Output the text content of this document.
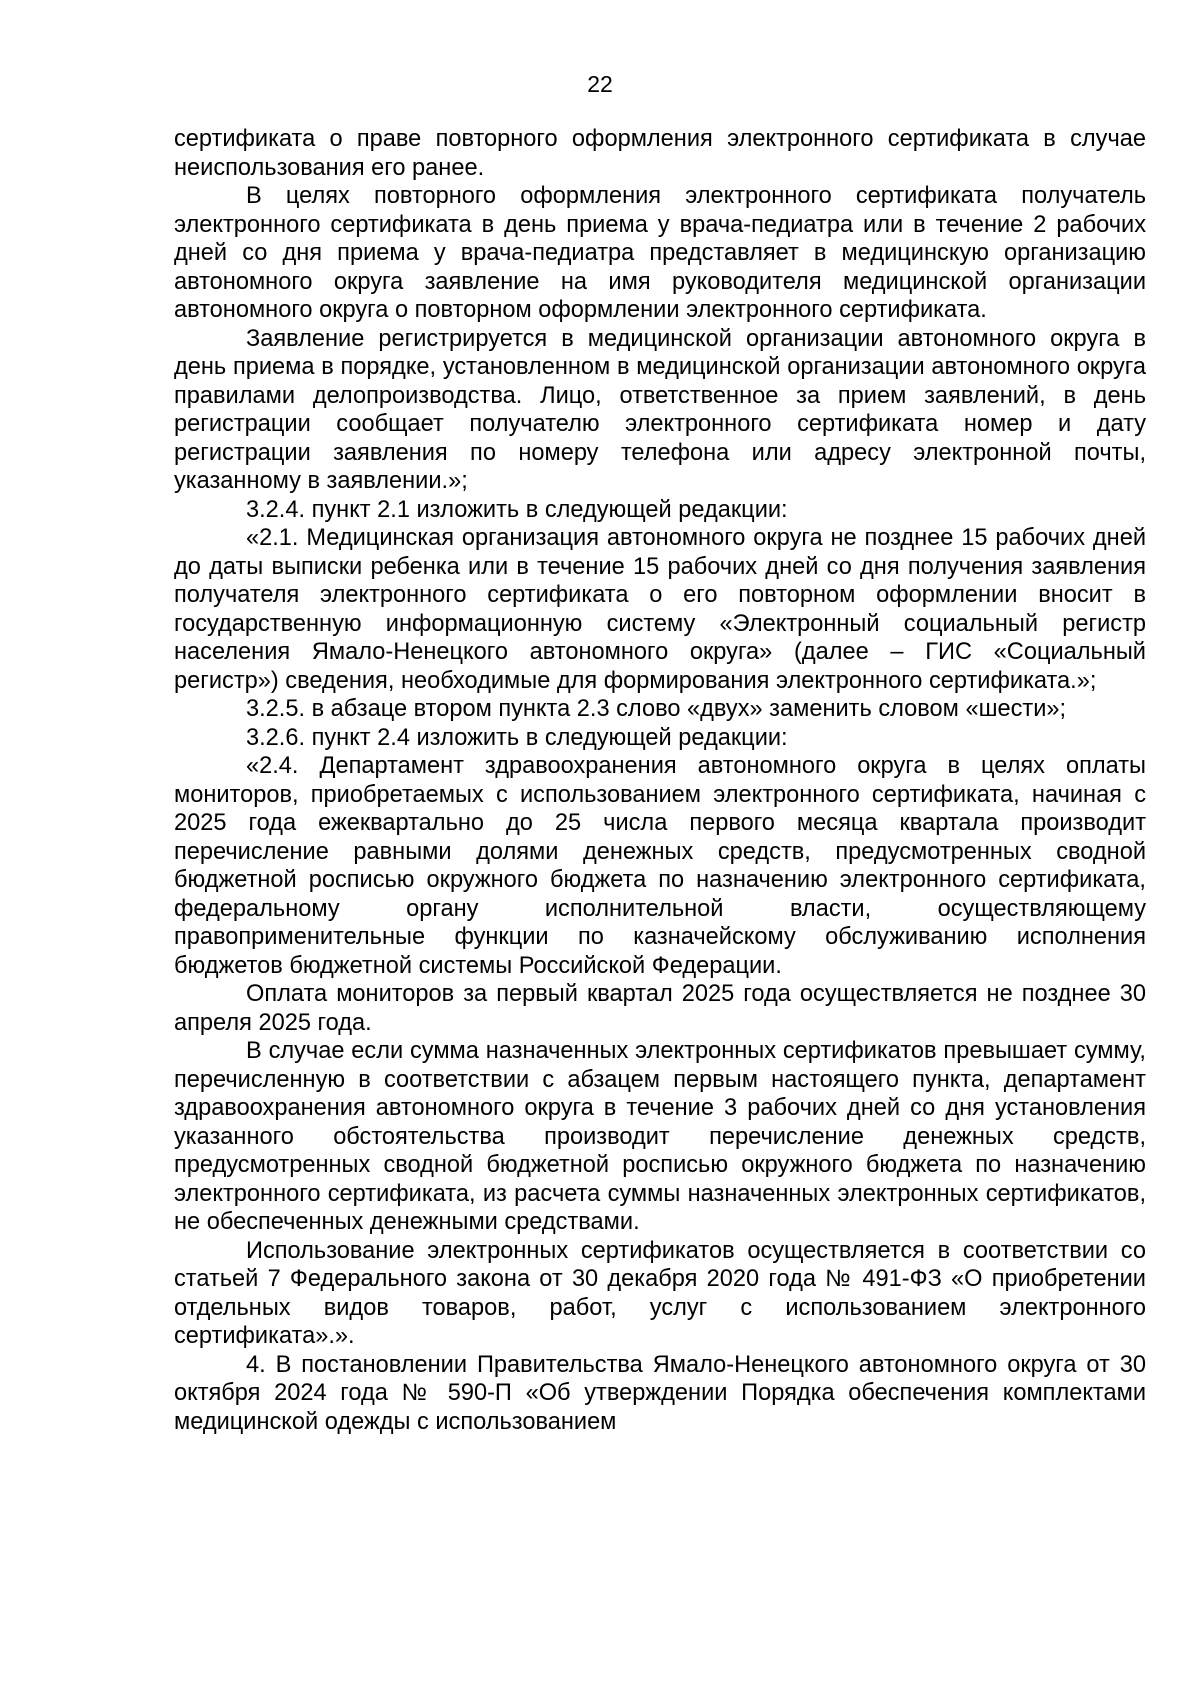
22

сертификата о праве повторного оформления электронного сертификата в случае неиспользования его ранее.

В целях повторного оформления электронного сертификата получатель электронного сертификата в день приема у врача-педиатра или в течение 2 рабочих дней со дня приема у врача-педиатра представляет в медицинскую организацию автономного округа заявление на имя руководителя медицинской организации автономного округа о повторном оформлении электронного сертификата.

Заявление регистрируется в медицинской организации автономного округа в день приема в порядке, установленном в медицинской организации автономного округа правилами делопроизводства. Лицо, ответственное за прием заявлений, в день регистрации сообщает получателю электронного сертификата номер и дату регистрации заявления по номеру телефона или адресу электронной почты, указанному в заявлении.»;

3.2.4. пункт 2.1 изложить в следующей редакции:

«2.1. Медицинская организация автономного округа не позднее 15 рабочих дней до даты выписки ребенка или в течение 15 рабочих дней со дня получения заявления получателя электронного сертификата о его повторном оформлении вносит в государственную информационную систему «Электронный социальный регистр населения Ямало-Ненецкого автономного округа» (далее – ГИС «Социальный регистр») сведения, необходимые для формирования электронного сертификата.»;

3.2.5. в абзаце втором пункта 2.3 слово «двух» заменить словом «шести»;

3.2.6. пункт 2.4 изложить в следующей редакции:

«2.4. Департамент здравоохранения автономного округа в целях оплаты мониторов, приобретаемых с использованием электронного сертификата, начиная с 2025 года ежеквартально до 25 числа первого месяца квартала производит перечисление равными долями денежных средств, предусмотренных сводной бюджетной росписью окружного бюджета по назначению электронного сертификата, федеральному органу исполнительной власти, осуществляющему правоприменительные функции по казначейскому обслуживанию исполнения бюджетов бюджетной системы Российской Федерации.

Оплата мониторов за первый квартал 2025 года осуществляется не позднее 30 апреля 2025 года.

В случае если сумма назначенных электронных сертификатов превышает сумму, перечисленную в соответствии с абзацем первым настоящего пункта, департамент здравоохранения автономного округа в течение 3 рабочих дней со дня установления указанного обстоятельства производит перечисление денежных средств, предусмотренных сводной бюджетной росписью окружного бюджета по назначению электронного сертификата, из расчета суммы назначенных электронных сертификатов, не обеспеченных денежными средствами.

Использование электронных сертификатов осуществляется в соответствии со статьей 7 Федерального закона от 30 декабря 2020 года № 491-ФЗ «О приобретении отдельных видов товаров, работ, услуг с использованием электронного сертификата».».

4. В постановлении Правительства Ямало-Ненецкого автономного округа от 30 октября 2024 года № 590-П «Об утверждении Порядка обеспечения комплектами медицинской одежды с использованием
